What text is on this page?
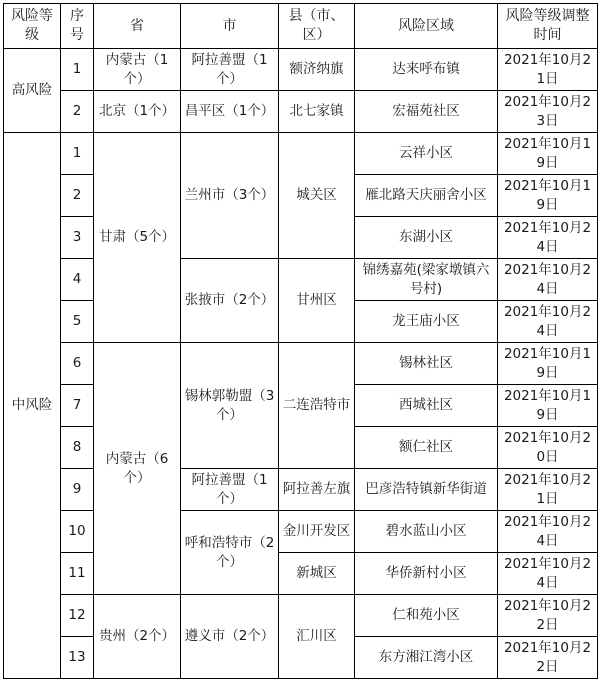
风险等级	序号	省	市	县（市、区）	风险区域	风险等级调整时间
高风险	1	内蒙古（1个）	阿拉善盟（1个）	额济纳旗	达来呼布镇	2021年10月21日
	2	北京（1个）	昌平区（1个）	北七家镇	宏福苑社区	2021年10月23日
中风险	1	甘肃（5个）	兰州市（3个）	城关区	云祥小区	2021年10月19日
	2				雁北路天庆丽舍小区	2021年10月19日
	3				东湖小区	2021年10月24日
	4		张掖市（2个）	甘州区	锦绣嘉苑(梁家墩镇六号村)	2021年10月24日
	5				龙王庙小区	2021年10月24日
	6	内蒙古（6个）	锡林郭勒盟（3个）	二连浩特市	锡林社区	2021年10月19日
	7				西城社区	2021年10月19日
	8				额仁社区	2021年10月20日
	9		阿拉善盟（1个）	阿拉善左旗	巴彦浩特镇新华街道	2021年10月21日
	10		呼和浩特市（2个）	金川开发区	碧水蓝山小区	2021年10月24日
	11			新城区	华侨新村小区	2021年10月24日
	12	贵州（2个）	遵义市（2个）	汇川区	仁和苑小区	2021年10月22日
	13				东方湘江湾小区	2021年10月22日
